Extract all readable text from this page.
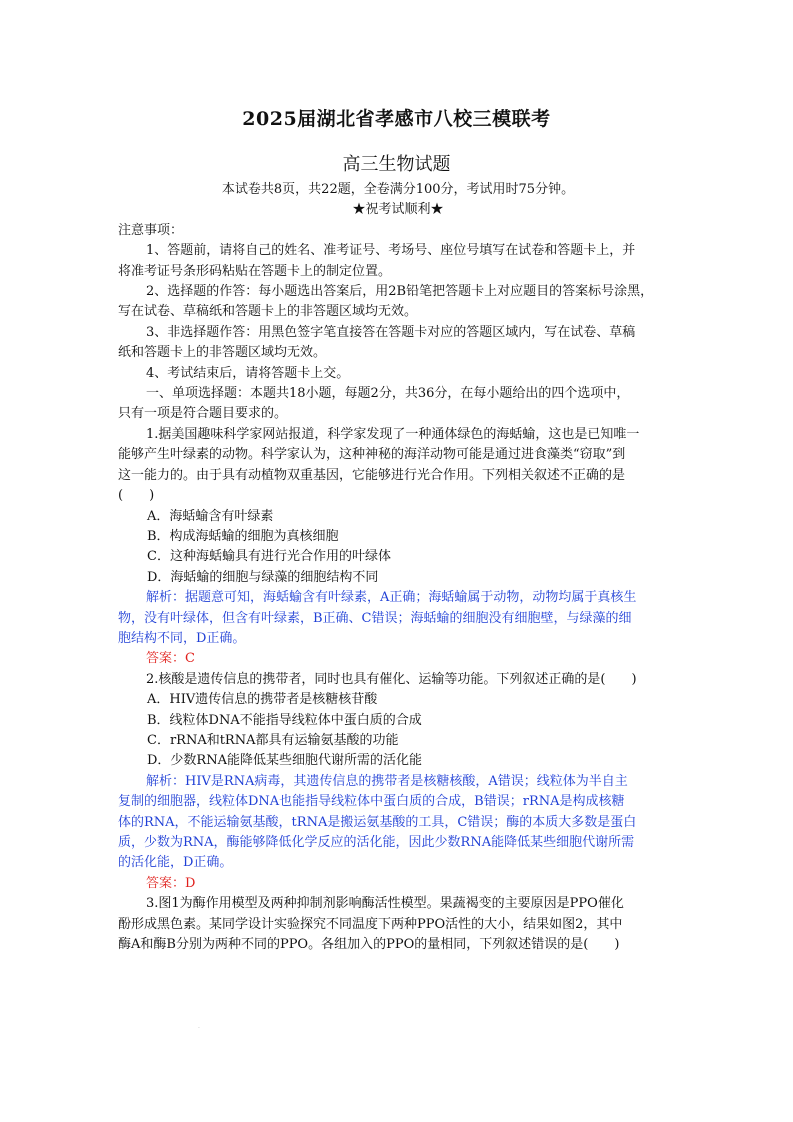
2025届湖北省孝感市八校三模联考
高三生物试题

本试卷共8页，共22题，全卷满分100分，考试用时75分钟。

★祝考试顺利★

注意事项：

1、答题前，请将自己的姓名、准考证号、考场号、座位号填写在试卷和答题卡上，并

将准考证号条形码粘贴在答题卡上的制定位置。

2、选择题的作答：每小题选出答案后，用2B铅笔把答题卡上对应题目的答案标号涂黑，

写在试卷、草稿纸和答题卡上的非答题区域均无效。

3、非选择题作答：用黑色签字笔直接答在答题卡对应的答题区域内，写在试卷、草稿

纸和答题卡上的非答题区域均无效。

4、考试结束后，请将答题卡上交。

一、单项选择题：本题共18小题，每题2分，共36分，在每小题给出的四个选项中，

只有一项是符合题目要求的。

1.据美国趣味科学家网站报道，科学家发现了一种通体绿色的海蛞蝓，这也是已知唯一

能够产生叶绿素的动物。科学家认为，这种神秘的海洋动物可能是通过进食藻类“窃取”到

这一能力的。由于具有动植物双重基因，它能够进行光合作用。下列相关叙述不正确的是

(　　)

A．海蛞蝓含有叶绿素

B．构成海蛞蝓的细胞为真核细胞

C．这种海蛞蝓具有进行光合作用的叶绿体

D．海蛞蝓的细胞与绿藻的细胞结构不同

解析：据题意可知，海蛞蝓含有叶绿素，A正确；海蛞蝓属于动物，动物均属于真核生

物，没有叶绿体，但含有叶绿素，B正确、C错误；海蛞蝓的细胞没有细胞壁，与绿藻的细

胞结构不同，D正确。

答案：C

2.核酸是遗传信息的携带者，同时也具有催化、运输等功能。下列叙述正确的是(　　)

A．HIV遗传信息的携带者是核糖核苷酸

B．线粒体DNA不能指导线粒体中蛋白质的合成

C．rRNA和tRNA都具有运输氨基酸的功能

D．少数RNA能降低某些细胞代谢所需的活化能

解析：HIV是RNA病毒，其遗传信息的携带者是核糖核酸，A错误；线粒体为半自主

复制的细胞器，线粒体DNA也能指导线粒体中蛋白质的合成，B错误；rRNA是构成核糖

体的RNA，不能运输氨基酸，tRNA是搬运氨基酸的工具，C错误；酶的本质大多数是蛋白

质，少数为RNA，酶能够降低化学反应的活化能，因此少数RNA能降低某些细胞代谢所需

的活化能，D正确。

答案：D

3.图1为酶作用模型及两种抑制剂影响酶活性模型。果蔬褐变的主要原因是PPO催化

酚形成黑色素。某同学设计实验探究不同温度下两种PPO活性的大小，结果如图2，其中

酶A和酶B分别为两种不同的PPO。各组加入的PPO的量相同，下列叙述错误的是(　　)

.
